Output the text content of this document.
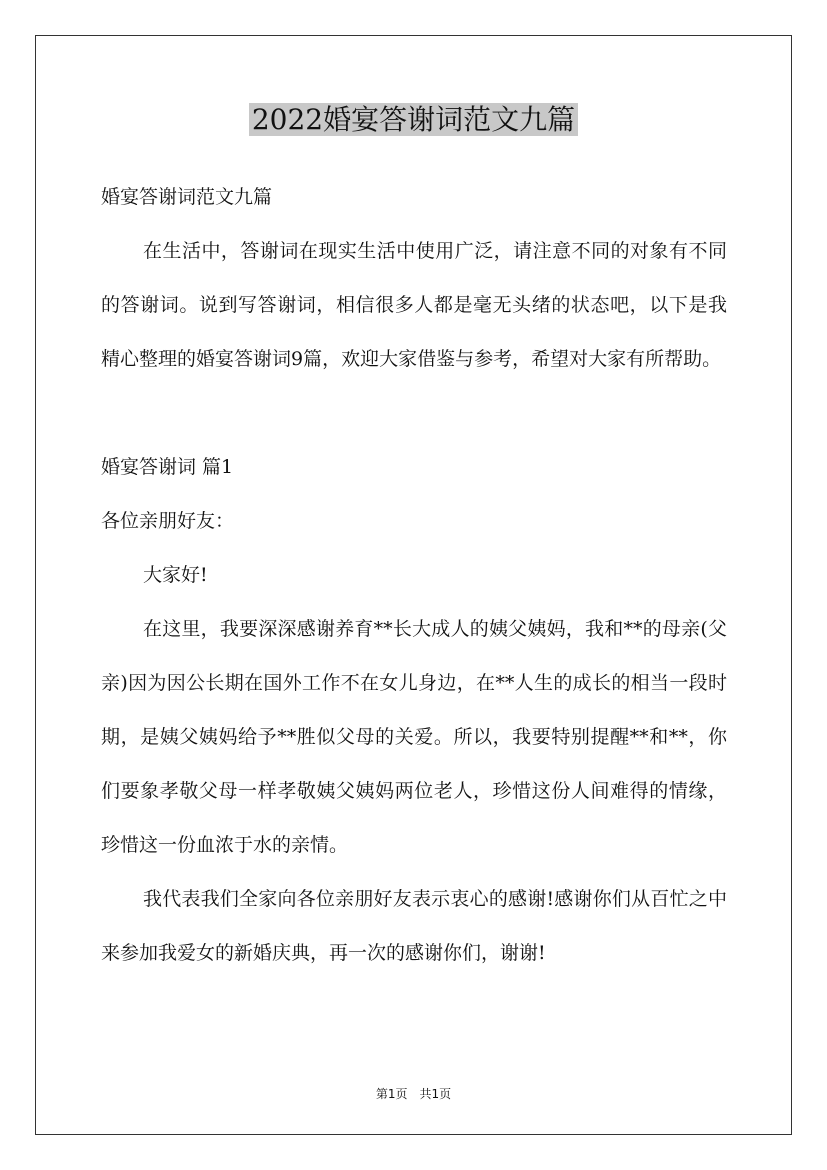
2022婚宴答谢词范文九篇

婚宴答谢词范文九篇

在生活中，答谢词在现实生活中使用广泛，请注意不同的对象有不同的答谢词。说到写答谢词，相信很多人都是毫无头绪的状态吧，以下是我精心整理的婚宴答谢词9篇，欢迎大家借鉴与参考，希望对大家有所帮助。

婚宴答谢词 篇1

各位亲朋好友：

大家好!

在这里，我要深深感谢养育**长大成人的姨父姨妈，我和**的母亲(父亲)因为因公长期在国外工作不在女儿身边，在**人生的成长的相当一段时期，是姨父姨妈给予**胜似父母的关爱。所以，我要特别提醒**和**，你们要象孝敬父母一样孝敬姨父姨妈两位老人，珍惜这份人间难得的情缘，珍惜这一份血浓于水的亲情。

我代表我们全家向各位亲朋好友表示衷心的感谢!感谢你们从百忙之中来参加我爱女的新婚庆典，再一次的感谢你们，谢谢!

第1页 共1页
